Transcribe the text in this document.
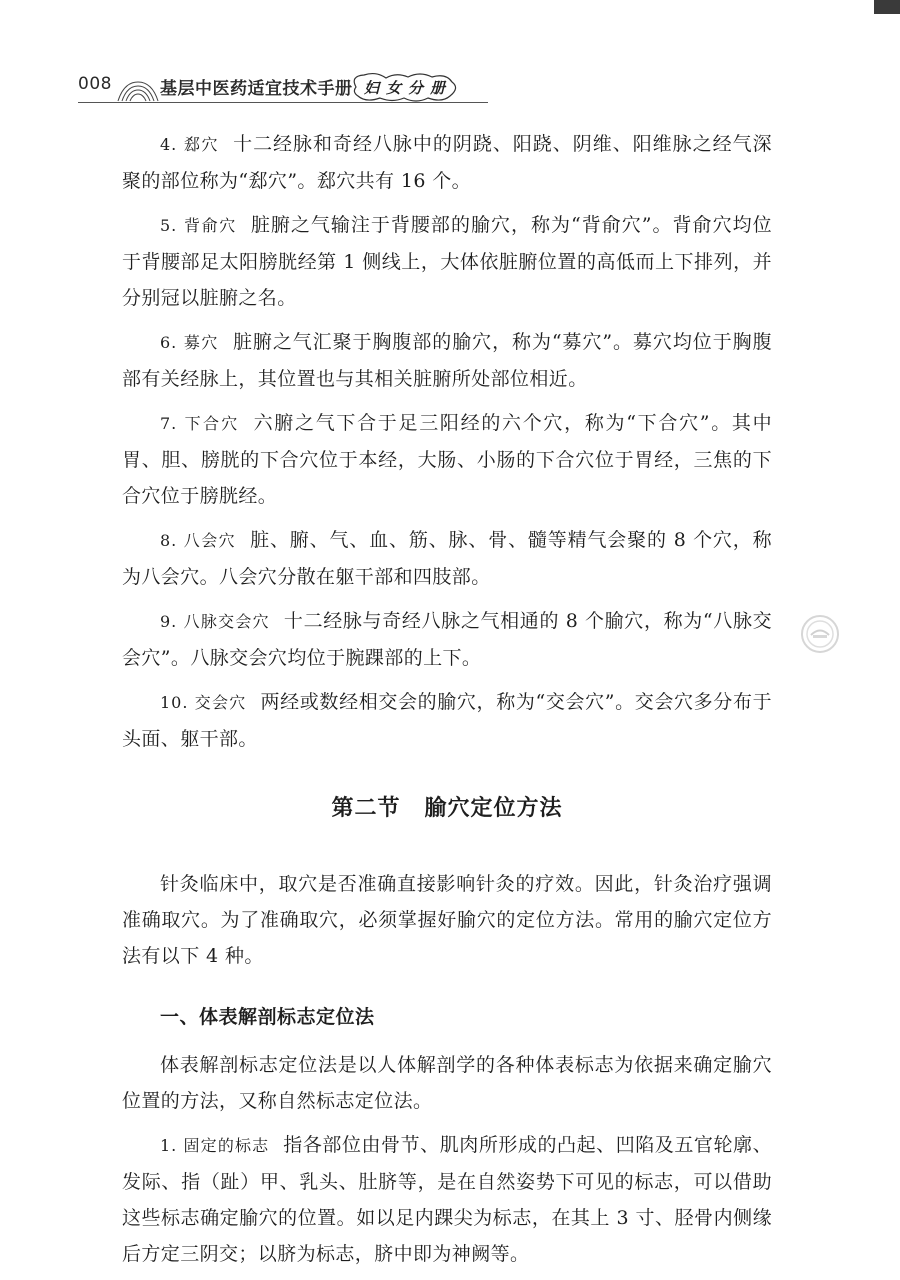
008	基层中医药适宜技术手册 妇女分册

4. 郄穴 十二经脉和奇经八脉中的阴跷、阳跷、阴维、阳维脉之经气深聚的部位称为“郄穴”。郄穴共有 16 个。

5. 背俞穴 脏腑之气输注于背腰部的腧穴，称为“背俞穴”。背俞穴均位于背腰部足太阳膀胱经第 1 侧线上，大体依脏腑位置的高低而上下排列，并分别冠以脏腑之名。

6. 募穴 脏腑之气汇聚于胸腹部的腧穴，称为“募穴”。募穴均位于胸腹部有关经脉上，其位置也与其相关脏腑所处部位相近。

7. 下合穴 六腑之气下合于足三阳经的六个穴，称为“下合穴”。其中胃、胆、膀胱的下合穴位于本经，大肠、小肠的下合穴位于胃经，三焦的下合穴位于膀胱经。

8. 八会穴 脏、腑、气、血、筋、脉、骨、髓等精气会聚的 8 个穴，称为八会穴。八会穴分散在躯干部和四肢部。

9. 八脉交会穴 十二经脉与奇经八脉之气相通的 8 个腧穴，称为“八脉交会穴”。八脉交会穴均位于腕踝部的上下。

10. 交会穴 两经或数经相交会的腧穴，称为“交会穴”。交会穴多分布于头面、躯干部。

第二节 腧穴定位方法

针灸临床中，取穴是否准确直接影响针灸的疗效。因此，针灸治疗强调准确取穴。为了准确取穴，必须掌握好腧穴的定位方法。常用的腧穴定位方法有以下 4 种。

一、体表解剖标志定位法

体表解剖标志定位法是以人体解剖学的各种体表标志为依据来确定腧穴位置的方法，又称自然标志定位法。

1. 固定的标志 指各部位由骨节、肌肉所形成的凸起、凹陷及五官轮廓、发际、指（趾）甲、乳头、肚脐等，是在自然姿势下可见的标志，可以借助这些标志确定腧穴的位置。如以足内踝尖为标志，在其上 3 寸、胫骨内侧缘后方定三阴交；以脐为标志，脐中即为神阙等。
